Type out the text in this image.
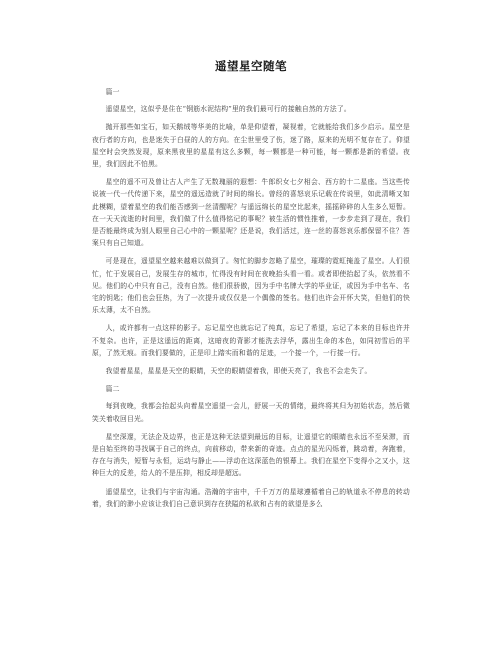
遥望星空随笔

篇一

遥望星空，这似乎是住在“钢筋水泥结构”里的我们最可行的接触自然的方法了。

抛开那些如宝石，如天鹅绒等华美的比喻，单是仰望着，凝视着，它就能给我们多少启示。星空是夜行者的方向，也是迷失于白昼的人的方向。在尘世里受了伤，迷了路，原来的光明不复存在了。仰望星空时会突然发现，原来黑夜里的星星有这么多颗，每一颗都是一种可能，每一颗都是新的希望。夜里，我们因此不怕黑。

星空的遥不可及曾让古人产生了无数瑰丽的遐想：牛郎织女七夕相会、西方的十二星座。当这些传说被一代一代传递下来，星空的遥远造就了时间的绵长。曾经的喜怒哀乐记载在传说里，如此清晰又如此模糊，望着星空的我们能否感到一丝清醒呢？与遥远绵长的星空比起来，摇摇碎碎的人生多么短暂。在一天天流逝的时间里，我们做了什么值得铭记的事呢？被生活的惯性推着，一步步走到了现在，我们是否能最终成为别人眼里自己心中的一颗星呢？还是说，我们活过，连一丝的喜怒哀乐都保留不住？答案只有自己知道。

可是现在，遥望星空越来越难以做到了。匆忙的脚步忽略了星空，璀璨的霓虹掩盖了星空。人们很忙，忙于发展自己，发展生存的城市，忙得没有时间在夜晚抬头看一看。或者即使抬起了头，依然看不见。他们的心中只有自己，没有自然。他们很骄傲，因为手中名牌大学的毕业证，或因为手中名车、名宅的钥匙；他们也会狂热，为了一次提升或仅仅是一个偶像的签名。他们也许会开怀大笑，但他们的快乐太薄，太不自然。

人，或许都有一点这样的影子。忘记星空也就忘记了纯真，忘记了希望，忘记了本来的目标也许并不复杂。也许，正是这遥远的距离，这暗夜的背影才能洗去浮华，露出生命的本色，如同初雪后的平原，了然无痕。而我们要做的，正是印上踏实而和谐的足迹，一个接一个，一行接一行。

我望着星星，星星是天空的眼睛，天空的眼睛望着我，即使天亮了，我也不会走失了。

篇二

每到夜晚，我都会抬起头向着星空遥望一会儿，舒展一天的情绪，最终将其归为初始状态，然后微笑关着收回目光。

星空深邃，无法企及边界，也正是这种无法望到最远的目标，让遥望它的眼睛也永远不至呆滞，而是自始至终的寻找属于自己的终点，向前移动，带来新的奇迹。点点的星光闪烁着，跳动着，奔跑着，存在与消失，短暂与永恒，运动与静止——浮动在这深蓝色的银幕上。我们在星空下变得小之又小，这种巨大的反差，给人的不是压抑，相反却是超远。

遥望星空，让我们与宇宙沟通。浩瀚的宇宙中，千千万万的星球遵循着自己的轨道永不停息的转动着，我们的渺小应该让我们自己意识到存在狭隘的私欲和占有的欲望是多么
